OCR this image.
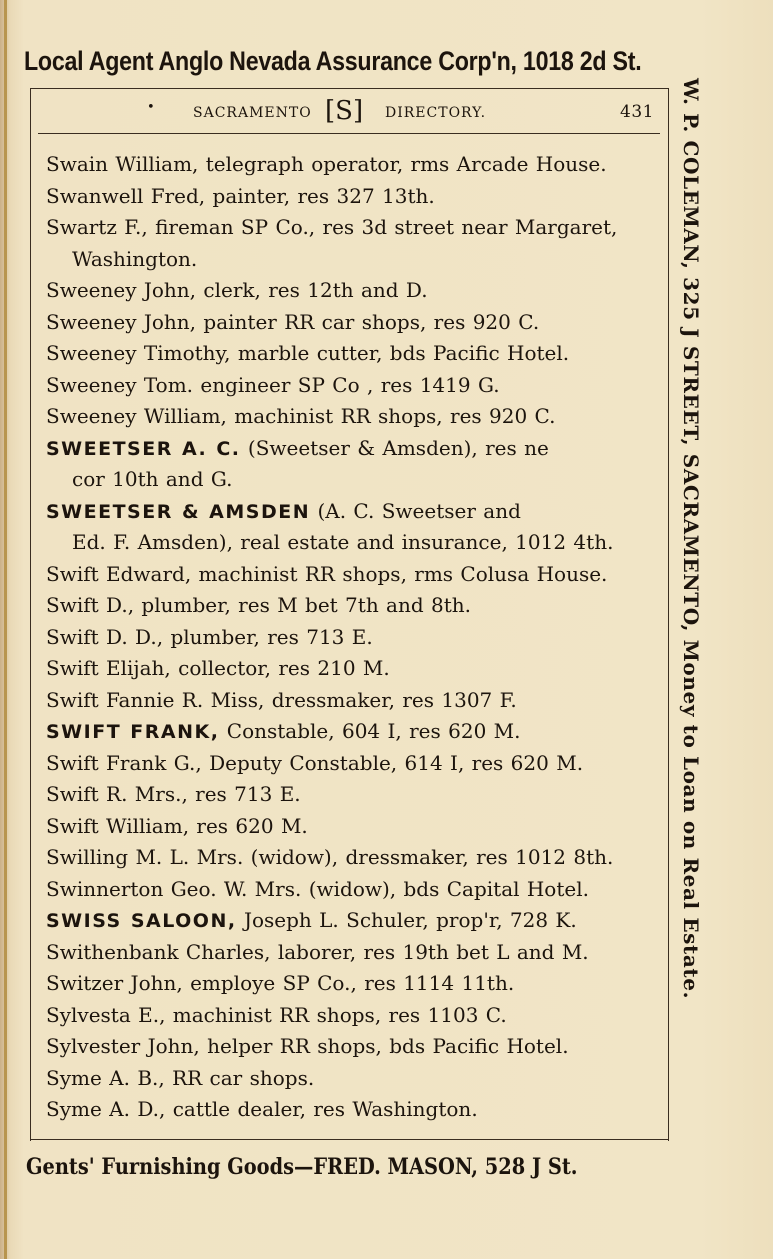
Local Agent Anglo Nevada Assurance Corp'n, 1018 2d St.
•	SACRAMENTO [S] DIRECTORY.	431
Swain William, telegraph operator, rms Arcade House.
Swanwell Fred, painter, res 327 13th.
Swartz F., fireman SP Co., res 3d street near Margaret,
Washington.
Sweeney John, clerk, res 12th and D.
Sweeney John, painter RR car shops, res 920 C.
Sweeney Timothy, marble cutter, bds Pacific Hotel.
Sweeney Tom. engineer SP Co , res 1419 G.
Sweeney William, machinist RR shops, res 920 C.
SWEETSER A. C. (Sweetser & Amsden), res ne
cor 10th and G.
SWEETSER & AMSDEN (A. C. Sweetser and
Ed. F. Amsden), real estate and insurance, 1012 4th.
Swift Edward, machinist RR shops, rms Colusa House.
Swift D., plumber, res M bet 7th and 8th.
Swift D. D., plumber, res 713 E.
Swift Elijah, collector, res 210 M.
Swift Fannie R. Miss, dressmaker, res 1307 F.
SWIFT FRANK, Constable, 604 I, res 620 M.
Swift Frank G., Deputy Constable, 614 I, res 620 M.
Swift R. Mrs., res 713 E.
Swift William, res 620 M.
Swilling M. L. Mrs. (widow), dressmaker, res 1012 8th.
Swinnerton Geo. W. Mrs. (widow), bds Capital Hotel.
SWISS SALOON, Joseph L. Schuler, prop'r, 728 K.
Swithenbank Charles, laborer, res 19th bet L and M.
Switzer John, employe SP Co., res 1114 11th.
Sylvesta E., machinist RR shops, res 1103 C.
Sylvester John, helper RR shops, bds Pacific Hotel.
Syme A. B., RR car shops.
Syme A. D., cattle dealer, res Washington.
W. P. COLEMAN, 325 J STREET, SACRAMENTO, Money to Loan on Real Estate.
Gents' Furnishing Goods—FRED. MASON, 528 J St.
